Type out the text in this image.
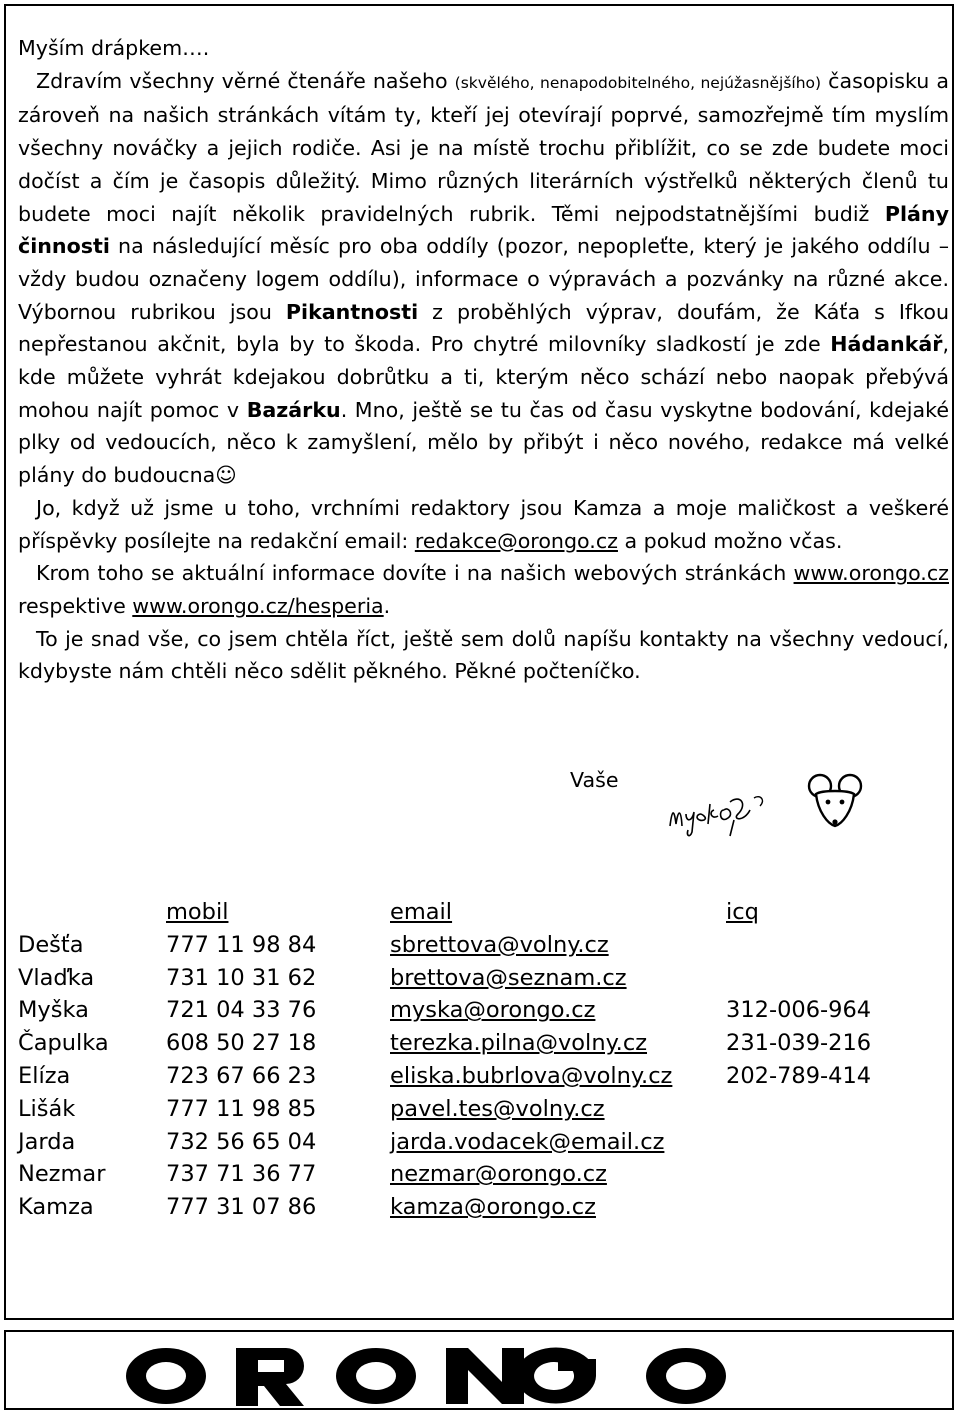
Myším drápkem….

Zdravím všechny věrné čtenáře našeho (skvělého, nenapodobitelného, nejúžasnějšího) časopisku a zároveň na našich stránkách vítám ty, kteří jej otevírají poprvé, samozřejmě tím myslím všechny nováčky a jejich rodiče. Asi je na místě trochu přiblížit, co se zde budete moci dočíst a čím je časopis důležitý. Mimo různých literárních výstřelků některých členů tu budete moci najít několik pravidelných rubrik. Těmi nejpodstatnějšími budiž Plány činnosti na následující měsíc pro oba oddíly (pozor, nepopleťte, který je jakého oddílu – vždy budou označeny logem oddílu), informace o výpravách a pozvánky na různé akce. Výbornou rubrikou jsou Pikantnosti z proběhlých výprav, doufám, že Káťa s Ifkou nepřestanou akčnit, byla by to škoda. Pro chytré milovníky sladkostí je zde Hádankář, kde můžete vyhrát kdejakou dobrůtku a ti, kterým něco schází nebo naopak přebývá mohou najít pomoc v Bazárku. Mno, ještě se tu čas od času vyskytne bodování, kdejaké plky od vedoucích, něco k zamyšlení, mělo by přibýt i něco nového, redakce má velké plány do budoucna☺

Jo, když už jsme u toho, vrchními redaktory jsou Kamza a moje maličkost a veškeré příspěvky posílejte na redakční email: redakce@orongo.cz a pokud možno včas.

Krom toho se aktuální informace dovíte i na našich webových stránkách www.orongo.cz respektive www.orongo.cz/hesperia.

To je snad vše, co jsem chtěla říct, ještě sem dolů napíšu kontakty na všechny vedoucí, kdybyste nám chtěli něco sdělit pěkného. Pěkné počteníčko.

Vaše
mobil	email	icq
Dešťa	777 11 98 84	sbrettova@volny.cz
Vlaďka	731 10 31 62	brettova@seznam.cz
Myška	721 04 33 76	myska@orongo.cz	312-006-964
Čapulka	608 50 27 18	terezka.pilna@volny.cz	231-039-216
Elíza	723 67 66 23	eliska.bubrlova@volny.cz 202-789-414
Lišák	777 11 98 85	pavel.tes@volny.cz
Jarda	732 56 65 04	jarda.vodacek@email.cz
Nezmar	737 71 36 77	nezmar@orongo.cz
Kamza	777 31 07 86	kamza@orongo.cz
